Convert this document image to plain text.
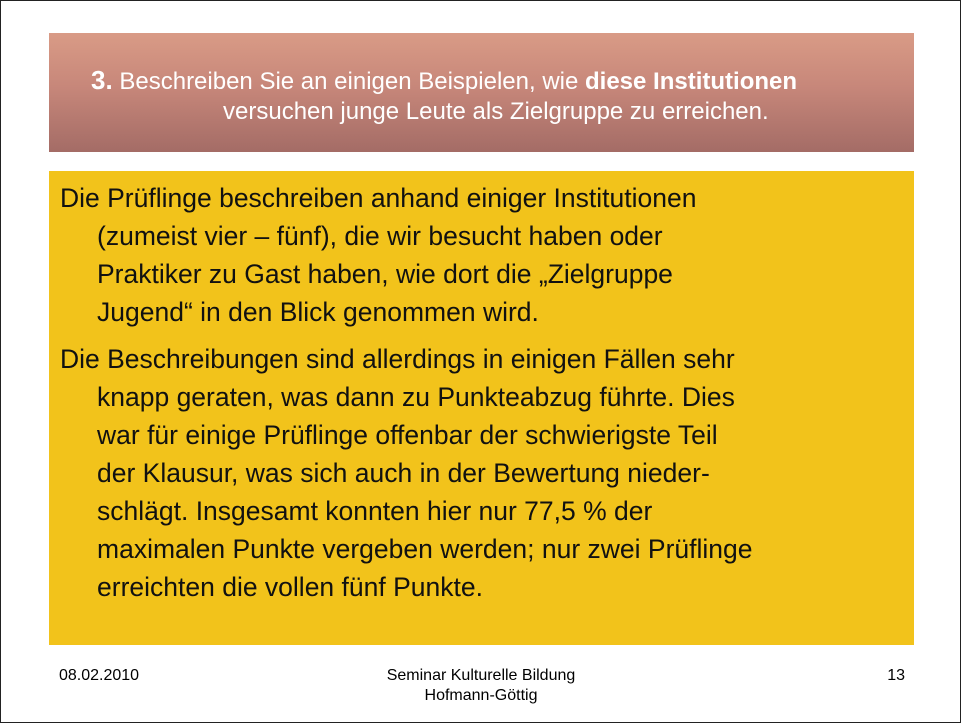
3. Beschreiben Sie an einigen Beispielen, wie diese Institutionen
versuchen junge Leute als Zielgruppe zu erreichen.

Die Prüflinge beschreiben anhand einiger Institutionen
(zumeist vier – fünf), die wir besucht haben oder
Praktiker zu Gast haben, wie dort die „Zielgruppe
Jugend“ in den Blick genommen wird.

Die Beschreibungen sind allerdings in einigen Fällen sehr
knapp geraten, was dann zu Punkteabzug führte. Dies
war für einige Prüflinge offenbar der schwierigste Teil
der Klausur, was sich auch in der Bewertung nieder-
schlägt. Insgesamt konnten hier nur 77,5 % der
maximalen Punkte vergeben werden; nur zwei Prüflinge
erreichten die vollen fünf Punkte.

08.02.2010	Seminar Kulturelle Bildung
Hofmann-Göttig
13
